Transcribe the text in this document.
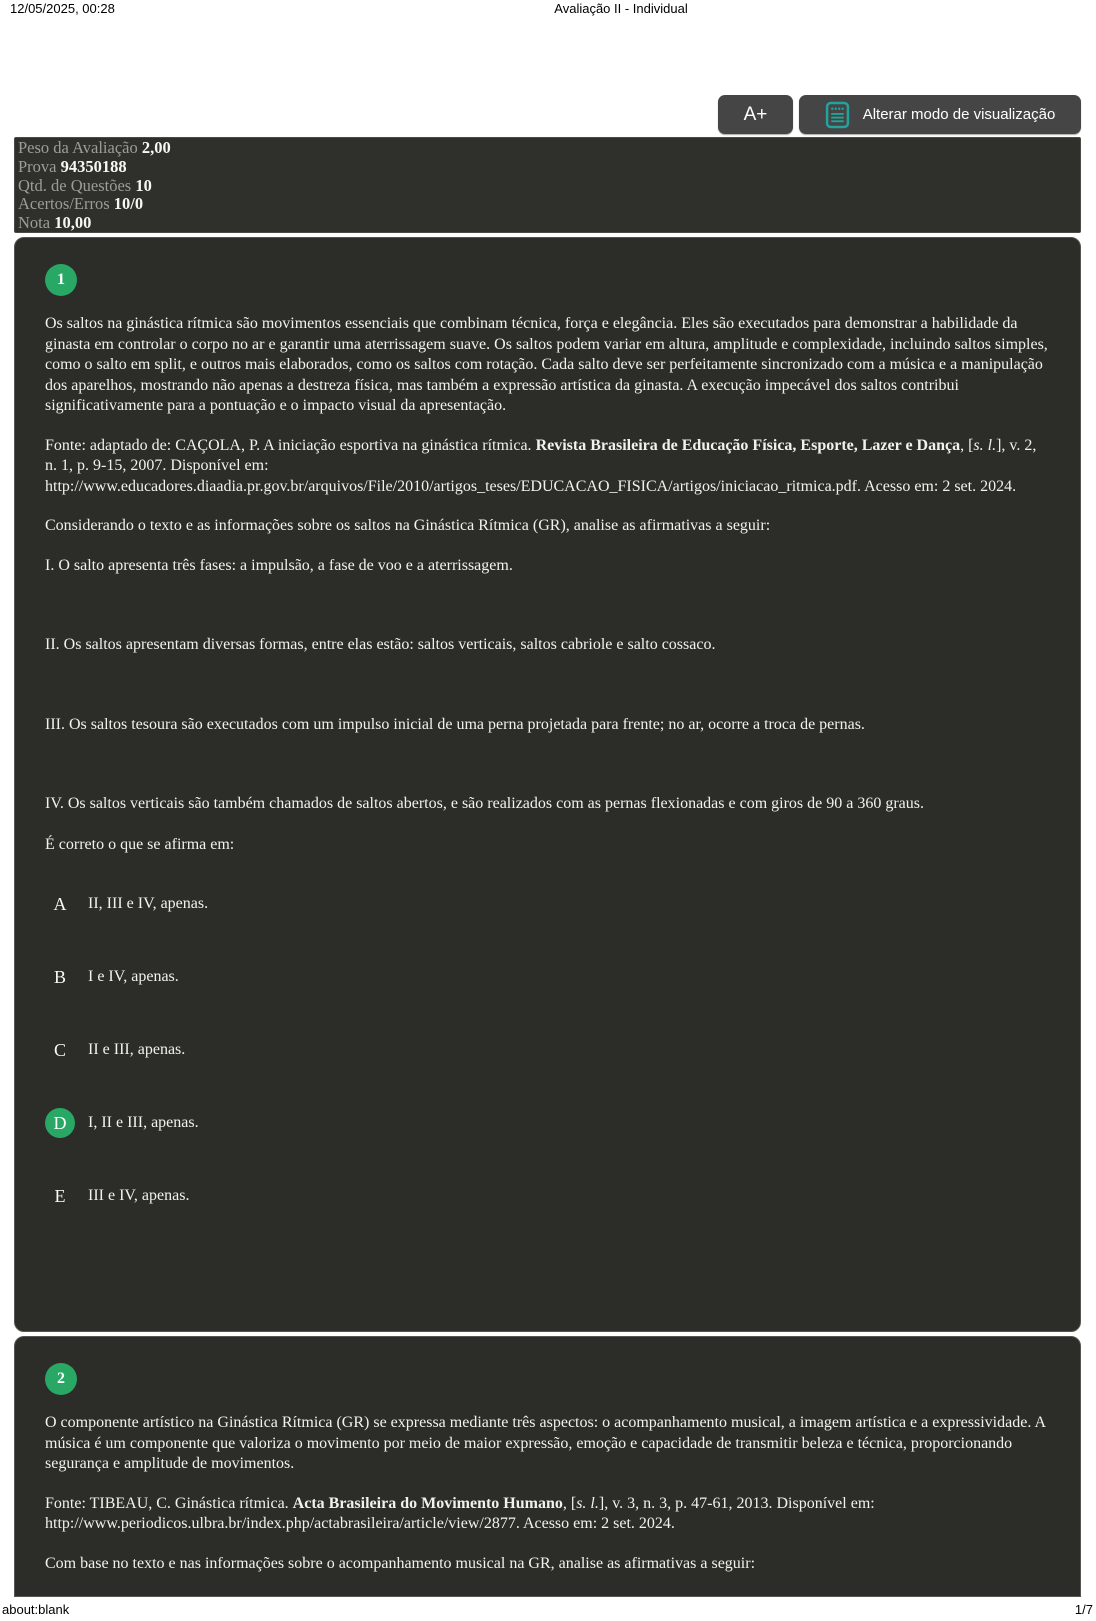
12/05/2025, 00:28	Avaliação II - Individual
A+	Alterar modo de visualização
Peso da Avaliação 2,00
Prova 94350188
Qtd. de Questões 10
Acertos/Erros 10/0
Nota 10,00
1

Os saltos na ginástica rítmica são movimentos essenciais que combinam técnica, força e elegância. Eles são executados para demonstrar a habilidade da ginasta em controlar o corpo no ar e garantir uma aterrissagem suave. Os saltos podem variar em altura, amplitude e complexidade, incluindo saltos simples, como o salto em split, e outros mais elaborados, como os saltos com rotação. Cada salto deve ser perfeitamente sincronizado com a música e a manipulação dos aparelhos, mostrando não apenas a destreza física, mas também a expressão artística da ginasta. A execução impecável dos saltos contribui significativamente para a pontuação e o impacto visual da apresentação.

Fonte: adaptado de: CAÇOLA, P. A iniciação esportiva na ginástica rítmica. Revista Brasileira de Educação Física, Esporte, Lazer e Dança, [s. l.], v. 2, n. 1, p. 9-15, 2007. Disponível em: http://www.educadores.diaadia.pr.gov.br/arquivos/File/2010/artigos_teses/EDUCACAO_FISICA/artigos/iniciacao_ritmica.pdf. Acesso em: 2 set. 2024.

Considerando o texto e as informações sobre os saltos na Ginástica Rítmica (GR), analise as afirmativas a seguir:

I. O salto apresenta três fases: a impulsão, a fase de voo e a aterrissagem.

II. Os saltos apresentam diversas formas, entre elas estão: saltos verticais, saltos cabriole e salto cossaco.

III. Os saltos tesoura são executados com um impulso inicial de uma perna projetada para frente; no ar, ocorre a troca de pernas.

IV. Os saltos verticais são também chamados de saltos abertos, e são realizados com as pernas flexionadas e com giros de 90 a 360 graus.

É correto o que se afirma em:

A	II, III e IV, apenas.
B	I e IV, apenas.
C	II e III, apenas.
D	I, II e III, apenas.
E	III e IV, apenas.
2

O componente artístico na Ginástica Rítmica (GR) se expressa mediante três aspectos: o acompanhamento musical, a imagem artística e a expressividade. A música é um componente que valoriza o movimento por meio de maior expressão, emoção e capacidade de transmitir beleza e técnica, proporcionando segurança e amplitude de movimentos.

Fonte: TIBEAU, C. Ginástica rítmica. Acta Brasileira do Movimento Humano, [s. l.], v. 3, n. 3, p. 47-61, 2013. Disponível em: http://www.periodicos.ulbra.br/index.php/actabrasileira/article/view/2877. Acesso em: 2 set. 2024.

Com base no texto e nas informações sobre o acompanhamento musical na GR, analise as afirmativas a seguir:

about:blank	1/7
